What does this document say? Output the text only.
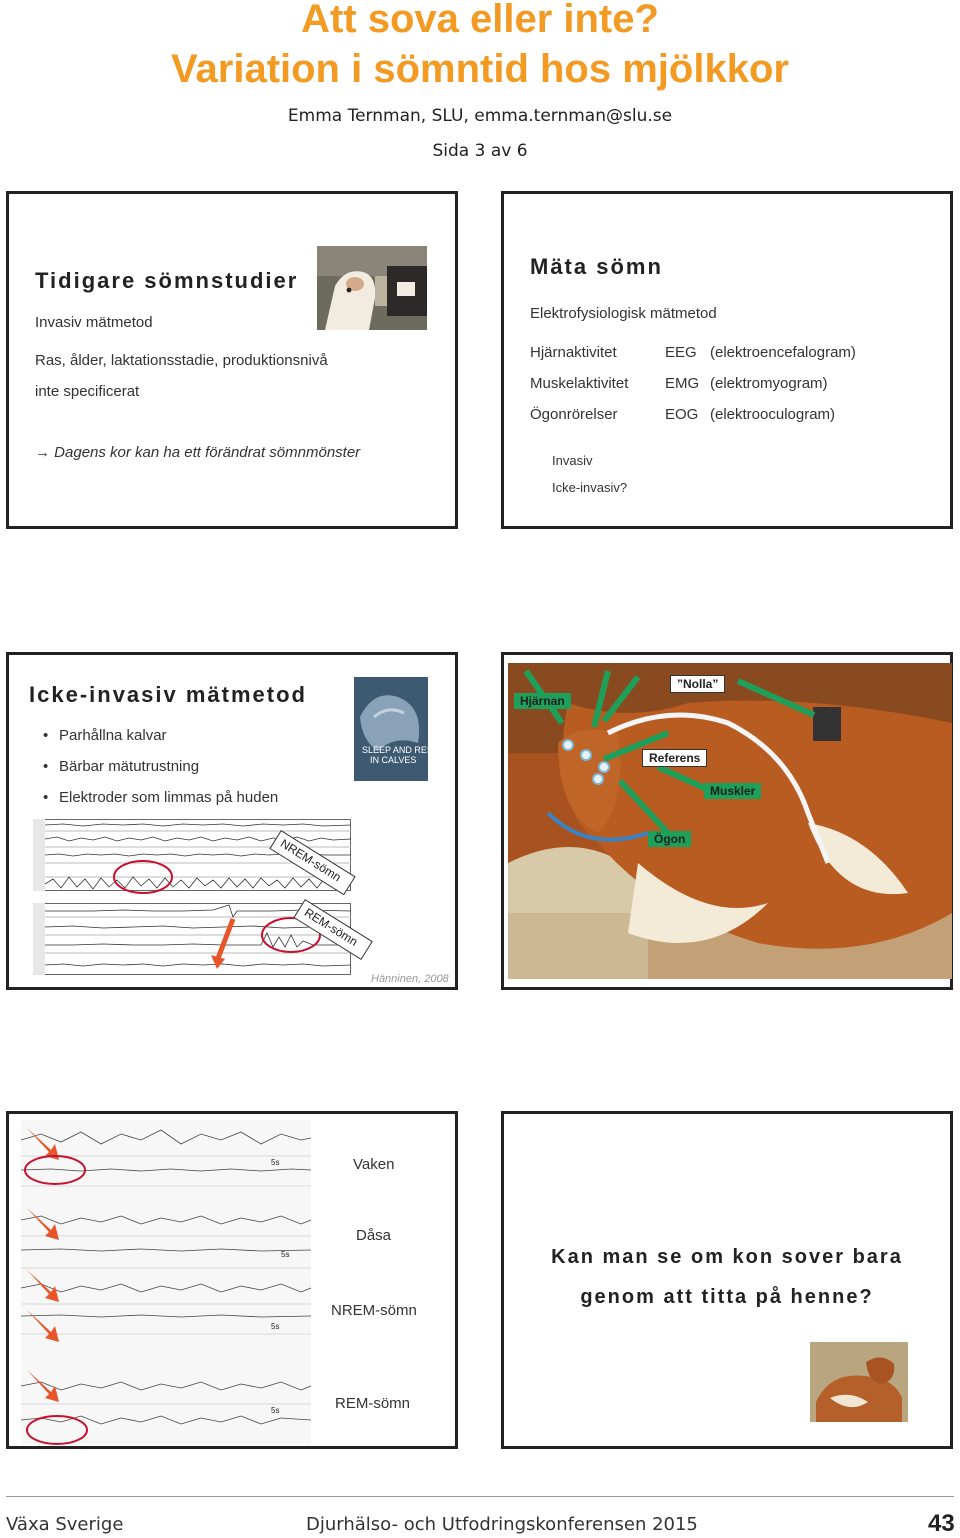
Att sova eller inte?
Variation i sömntid hos mjölkkor
Emma Ternman, SLU, emma.ternman@slu.se
Sida 3 av 6
Tidigare sömnstudier
Invasiv mätmetod
Ras, ålder, laktationsstadie, produktionsnivå
inte specificerat
→ Dagens kor kan ha ett förändrat sömnmönster
Mäta sömn
Elektrofysiologisk mätmetod
Hjärnaktivitet	EEG (elektroencefalogram)
Muskelaktivitet EMG (elektromyogram)
Ögonrörelser	EOG (elektrooculogram)
Invasiv
Icke-invasiv?
Icke-invasiv mätmetod
SLEEP AND REST
IN CALVES
• Parhållna kalvar
• Bärbar mätutrustning
• Elektroder som limmas på huden
NREM-sömn
REM-sömn
Hänninen, 2008
Hjärnan
”Nolla”
Referens
Muskler
Ögon
5s
5s
5s
5s
Vaken
Dåsa
NREM-sömn
REM-sömn
Kan man se om kon sover bara
genom att titta på henne?
Växa Sverige	Djurhälso- och Utfodringskonferensen 2015	43
